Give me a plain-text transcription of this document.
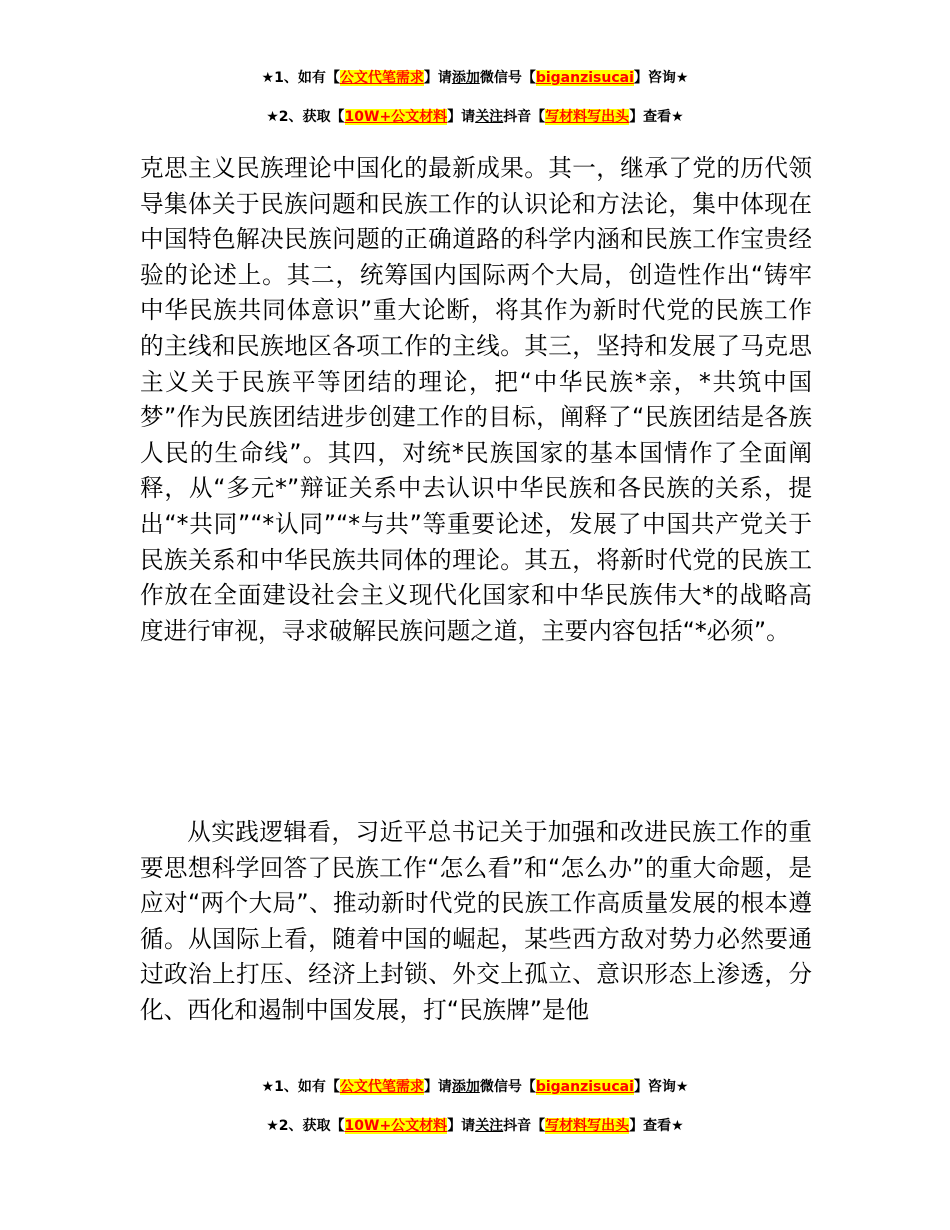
★1、如有【公文代笔需求】请添加微信号【biganzisucai】咨询★
★2、获取【10W+公文材料】请关注抖音【写材料写出头】查看★

克思主义民族理论中国化的最新成果。其一，继承了党的历代领导集体关于民族问题和民族工作的认识论和方法论，集中体现在中国特色解决民族问题的正确道路的科学内涵和民族工作宝贵经验的论述上。其二，统筹国内国际两个大局，创造性作出“铸牢中华民族共同体意识”重大论断，将其作为新时代党的民族工作的主线和民族地区各项工作的主线。其三，坚持和发展了马克思主义关于民族平等团结的理论，把“中华民族*亲，*共筑中国梦”作为民族团结进步创建工作的目标，阐释了“民族团结是各族人民的生命线”。其四，对统*民族国家的基本国情作了全面阐释，从“多元*”辩证关系中去认识中华民族和各民族的关系，提出“*共同”“*认同”“*与共”等重要论述，发展了中国共产党关于民族关系和中华民族共同体的理论。其五，将新时代党的民族工作放在全面建设社会主义现代化国家和中华民族伟大*的战略高度进行审视，寻求破解民族问题之道，主要内容包括“*必须”。

从实践逻辑看，习近平总书记关于加强和改进民族工作的重要思想科学回答了民族工作“怎么看”和“怎么办”的重大命题，是应对“两个大局”、推动新时代党的民族工作高质量发展的根本遵循。从国际上看，随着中国的崛起，某些西方敌对势力必然要通过政治上打压、经济上封锁、外交上孤立、意识形态上渗透，分化、西化和遏制中国发展，打“民族牌”是他

★1、如有【公文代笔需求】请添加微信号【biganzisucai】咨询★
★2、获取【10W+公文材料】请关注抖音【写材料写出头】查看★
